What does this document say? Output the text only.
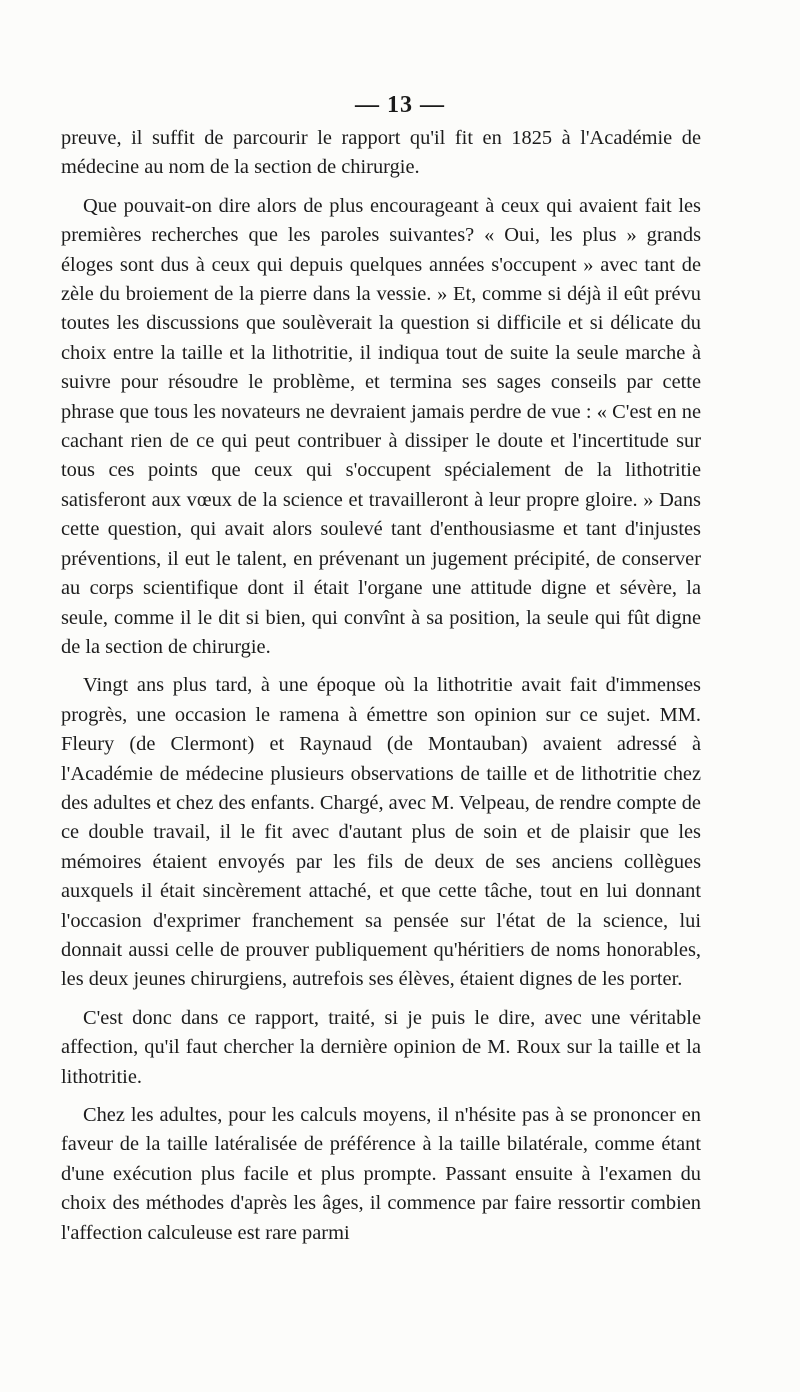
— 13 —

preuve, il suffit de parcourir le rapport qu'il fit en 1825 à l'Académie de médecine au nom de la section de chirurgie.

Que pouvait-on dire alors de plus encourageant à ceux qui avaient fait les premières recherches que les paroles suivantes? « Oui, les plus » grands éloges sont dus à ceux qui depuis quelques années s'occupent » avec tant de zèle du broiement de la pierre dans la vessie. » Et, comme si déjà il eût prévu toutes les discussions que soulèverait la question si difficile et si délicate du choix entre la taille et la lithotritie, il indiqua tout de suite la seule marche à suivre pour résoudre le problème, et termina ses sages conseils par cette phrase que tous les novateurs ne devraient jamais perdre de vue : « C'est en ne cachant rien de ce qui peut contribuer à dissiper le doute et l'incertitude sur tous ces points que ceux qui s'occupent spécialement de la lithotritie satisferont aux vœux de la science et travailleront à leur propre gloire. » Dans cette question, qui avait alors soulevé tant d'enthousiasme et tant d'injustes préventions, il eut le talent, en prévenant un jugement précipité, de conserver au corps scientifique dont il était l'organe une attitude digne et sévère, la seule, comme il le dit si bien, qui convînt à sa position, la seule qui fût digne de la section de chirurgie.

Vingt ans plus tard, à une époque où la lithotritie avait fait d'immenses progrès, une occasion le ramena à émettre son opinion sur ce sujet. MM. Fleury (de Clermont) et Raynaud (de Montauban) avaient adressé à l'Académie de médecine plusieurs observations de taille et de lithotritie chez des adultes et chez des enfants. Chargé, avec M. Velpeau, de rendre compte de ce double travail, il le fit avec d'autant plus de soin et de plaisir que les mémoires étaient envoyés par les fils de deux de ses anciens collègues auxquels il était sincèrement attaché, et que cette tâche, tout en lui donnant l'occasion d'exprimer franchement sa pensée sur l'état de la science, lui donnait aussi celle de prouver publiquement qu'héritiers de noms honorables, les deux jeunes chirurgiens, autrefois ses élèves, étaient dignes de les porter.

C'est donc dans ce rapport, traité, si je puis le dire, avec une véritable affection, qu'il faut chercher la dernière opinion de M. Roux sur la taille et la lithotritie.

Chez les adultes, pour les calculs moyens, il n'hésite pas à se prononcer en faveur de la taille latéralisée de préférence à la taille bilatérale, comme étant d'une exécution plus facile et plus prompte. Passant ensuite à l'examen du choix des méthodes d'après les âges, il commence par faire ressortir combien l'affection calculeuse est rare parmi
